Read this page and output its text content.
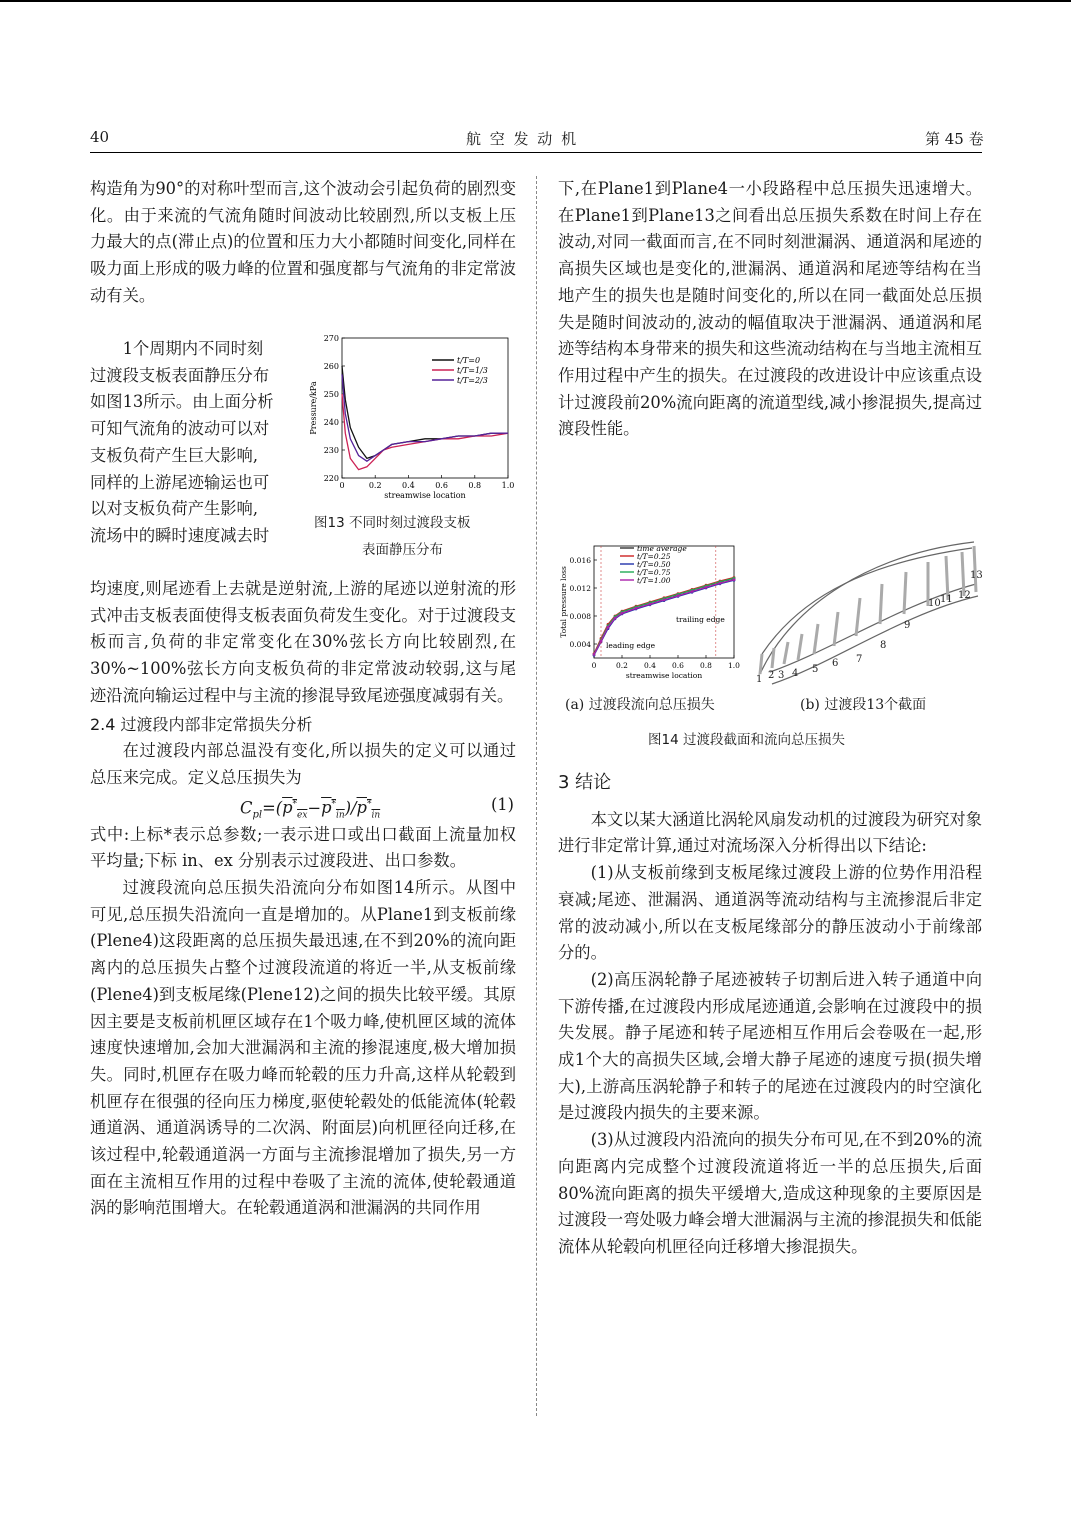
40	航 空 发 动 机	第 45 卷

构造角为90°的对称叶型而言,这个波动会引起负荷的剧烈变化。由于来流的气流角随时间波动比较剧烈,所以支板上压力最大的点(滞止点)的位置和压力大小都随时间变化,同样在吸力面上形成的吸力峰的位置和强度都与气流角的非定常波动有关。

1个周期内不同时刻
过渡段支板表面静压分布
如图13所示。由上面分析
可知气流角的波动可以对
支板负荷产生巨大影响,
同样的上游尾迹输运也可
以对支板负荷产生影响,
流场中的瞬时速度减去时
0	0.2	0.4	0.6	0.8	1.0
220
230
240
250
260
270
streamwise location
Pressure/kPa
t/T=0
t/T=1/3
t/T=2/3
图13 不同时刻过渡段支板
表面静压分布

均速度,则尾迹看上去就是逆射流,上游的尾迹以逆射流的形式冲击支板表面使得支板表面负荷发生变化。对于过渡段支板而言,负荷的非定常变化在30%弦长方向比较剧烈,在30%~100%弦长方向支板负荷的非定常波动较弱,这与尾迹沿流向输运过程中与主流的掺混导致尾迹强度减弱有关。

2.4 过渡段内部非定常损失分析

在过渡段内部总温没有变化,所以损失的定义可以通过总压来完成。定义总压损失为

$C_{pl}=(p^*_{ex}-p^*_{in})/p^*_{in}$
(1)

式中:上标*表示总参数;一表示进口或出口截面上流量加权平均量;下标 in、ex 分别表示过渡段进、出口参数。

过渡段流向总压损失沿流向分布如图14所示。从图中可见,总压损失沿流向一直是增加的。从Plane1到支板前缘(Plene4)这段距离的总压损失最迅速,在不到20%的流向距离内的总压损失占整个过渡段流道的将近一半,从支板前缘(Plene4)到支板尾缘(Plene12)之间的损失比较平缓。其原因主要是支板前机匣区域存在1个吸力峰,使机匣区域的流体速度快速增加,会加大泄漏涡和主流的掺混速度,极大增加损失。同时,机匣存在吸力峰而轮毂的压力升高,这样从轮毂到机匣存在很强的径向压力梯度,驱使轮毂处的低能流体(轮毂通道涡、通道涡诱导的二次涡、附面层)向机匣径向迁移,在该过程中,轮毂通道涡一方面与主流掺混增加了损失,另一方面在主流相互作用的过程中卷吸了主流的流体,使轮毂通道涡的影响范围增大。在轮毂通道涡和泄漏涡的共同作用

下,在Plane1到Plane4一小段路程中总压损失迅速增大。在Plane1到Plane13之间看出总压损失系数在时间上存在波动,对同一截面而言,在不同时刻泄漏涡、通道涡和尾迹的高损失区域也是变化的,泄漏涡、通道涡和尾迹等结构在当地产生的损失也是随时间变化的,所以在同一截面处总压损失是随时间波动的,波动的幅值取决于泄漏涡、通道涡和尾迹等结构本身带来的损失和这些流动结构在与当地主流相互作用过程中产生的损失。在过渡段的改进设计中应该重点设计过渡段前20%流向距离的流道型线,减小掺混损失,提高过渡段性能。

0	0.2 0.4 0.6 0.8 1.0
0.004
0.008
0.012
0.016
streamwise location
Total pressure loss
time average
t/T=0.25
t/T=0.50
t/T=0.75
t/T=1.00
leading edge
trailing edge
1 2 3 4 5
6 7
8
9
10 11 12
13
(a) 过渡段流向总压损失	(b) 过渡段13个截面
图14 过渡段截面和流向总压损失

3 结论

本文以某大涵道比涡轮风扇发动机的过渡段为研究对象进行非定常计算,通过对流场深入分析得出以下结论:

(1)从支板前缘到支板尾缘过渡段上游的位势作用沿程衰减;尾迹、泄漏涡、通道涡等流动结构与主流掺混后非定常的波动减小,所以在支板尾缘部分的静压波动小于前缘部分的。

(2)高压涡轮静子尾迹被转子切割后进入转子通道中向下游传播,在过渡段内形成尾迹通道,会影响在过渡段中的损失发展。静子尾迹和转子尾迹相互作用后会卷吸在一起,形成1个大的高损失区域,会增大静子尾迹的速度亏损(损失增大),上游高压涡轮静子和转子的尾迹在过渡段内的时空演化是过渡段内损失的主要来源。

(3)从过渡段内沿流向的损失分布可见,在不到20%的流向距离内完成整个过渡段流道将近一半的总压损失,后面80%流向距离的损失平缓增大,造成这种现象的主要原因是过渡段一弯处吸力峰会增大泄漏涡与主流的掺混损失和低能流体从轮毂向机匣径向迁移增大掺混损失。
